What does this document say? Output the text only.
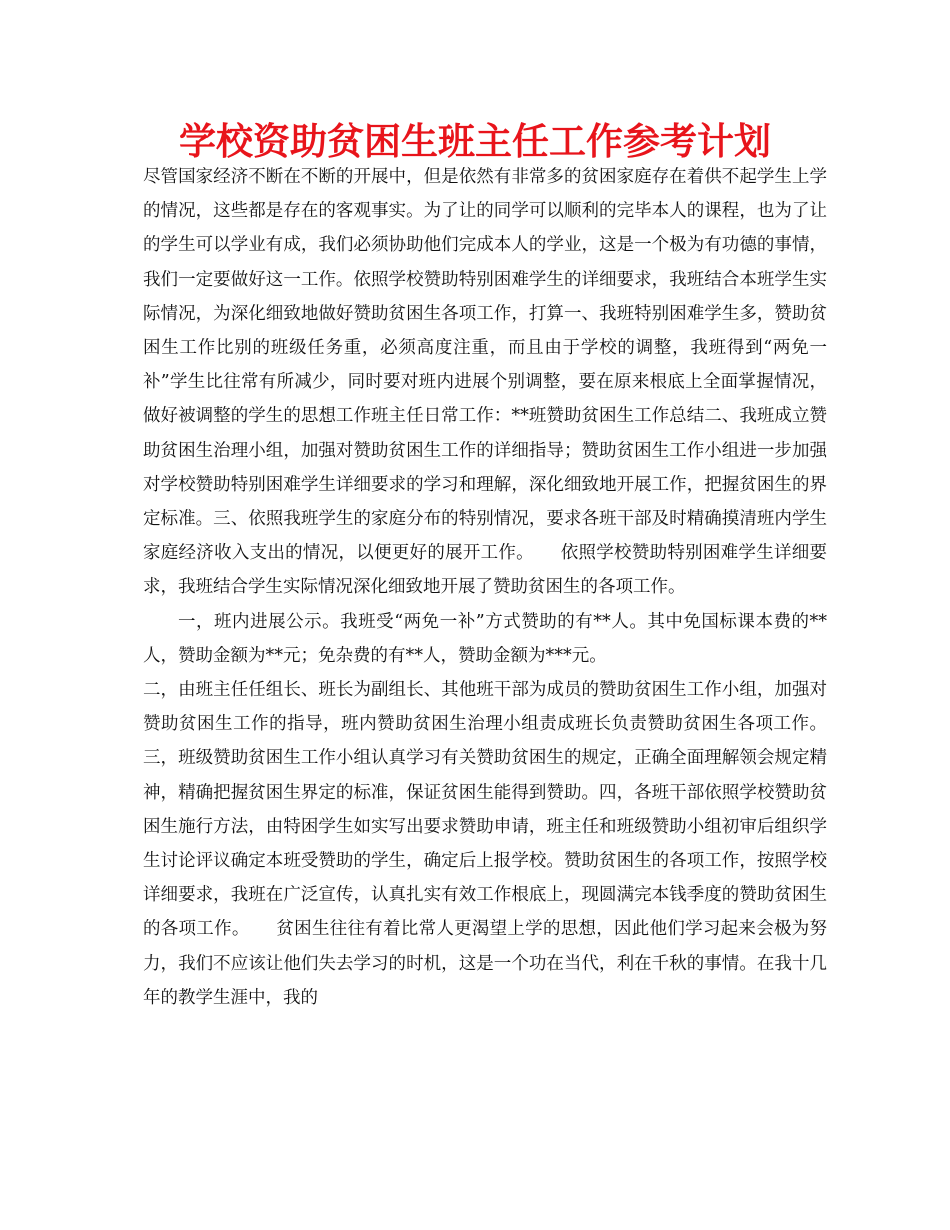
学校资助贫困生班主任工作参考计划

尽管国家经济不断在不断的开展中，但是依然有非常多的贫困家庭存在着供不起学生上学的情况，这些都是存在的客观事实。为了让的同学可以顺利的完毕本人的课程，也为了让的学生可以学业有成，我们必须协助他们完成本人的学业，这是一个极为有功德的事情，我们一定要做好这一工作。依照学校赞助特别困难学生的详细要求，我班结合本班学生实际情况，为深化细致地做好赞助贫困生各项工作，打算一、我班特别困难学生多，赞助贫困生工作比别的班级任务重，必须高度注重，而且由于学校的调整，我班得到“两免一补”学生比往常有所减少，同时要对班内进展个别调整，要在原来根底上全面掌握情况，做好被调整的学生的思想工作班主任日常工作：**班赞助贫困生工作总结二、我班成立赞助贫困生治理小组，加强对赞助贫困生工作的详细指导；赞助贫困生工作小组进一步加强对学校赞助特别困难学生详细要求的学习和理解，深化细致地开展工作，把握贫困生的界定标准。三、依照我班学生的家庭分布的特别情况，要求各班干部及时精确摸清班内学生家庭经济收入支出的情况，以便更好的展开工作。　　依照学校赞助特别困难学生详细要求，我班结合学生实际情况深化细致地开展了赞助贫困生的各项工作。

一，班内进展公示。我班受“两免一补”方式赞助的有**人。其中免国标课本费的**人，赞助金额为**元；免杂费的有**人，赞助金额为***元。

二，由班主任任组长、班长为副组长、其他班干部为成员的赞助贫困生工作小组，加强对赞助贫困生工作的指导，班内赞助贫困生治理小组责成班长负责赞助贫困生各项工作。三，班级赞助贫困生工作小组认真学习有关赞助贫困生的规定，正确全面理解领会规定精神，精确把握贫困生界定的标准，保证贫困生能得到赞助。四，各班干部依照学校赞助贫困生施行方法，由特困学生如实写出要求赞助申请，班主任和班级赞助小组初审后组织学生讨论评议确定本班受赞助的学生，确定后上报学校。赞助贫困生的各项工作，按照学校详细要求，我班在广泛宣传，认真扎实有效工作根底上，现圆满完本钱季度的赞助贫困生的各项工作。　　贫困生往往有着比常人更渴望上学的思想，因此他们学习起来会极为努力，我们不应该让他们失去学习的时机，这是一个功在当代，利在千秋的事情。在我十几年的教学生涯中，我的
